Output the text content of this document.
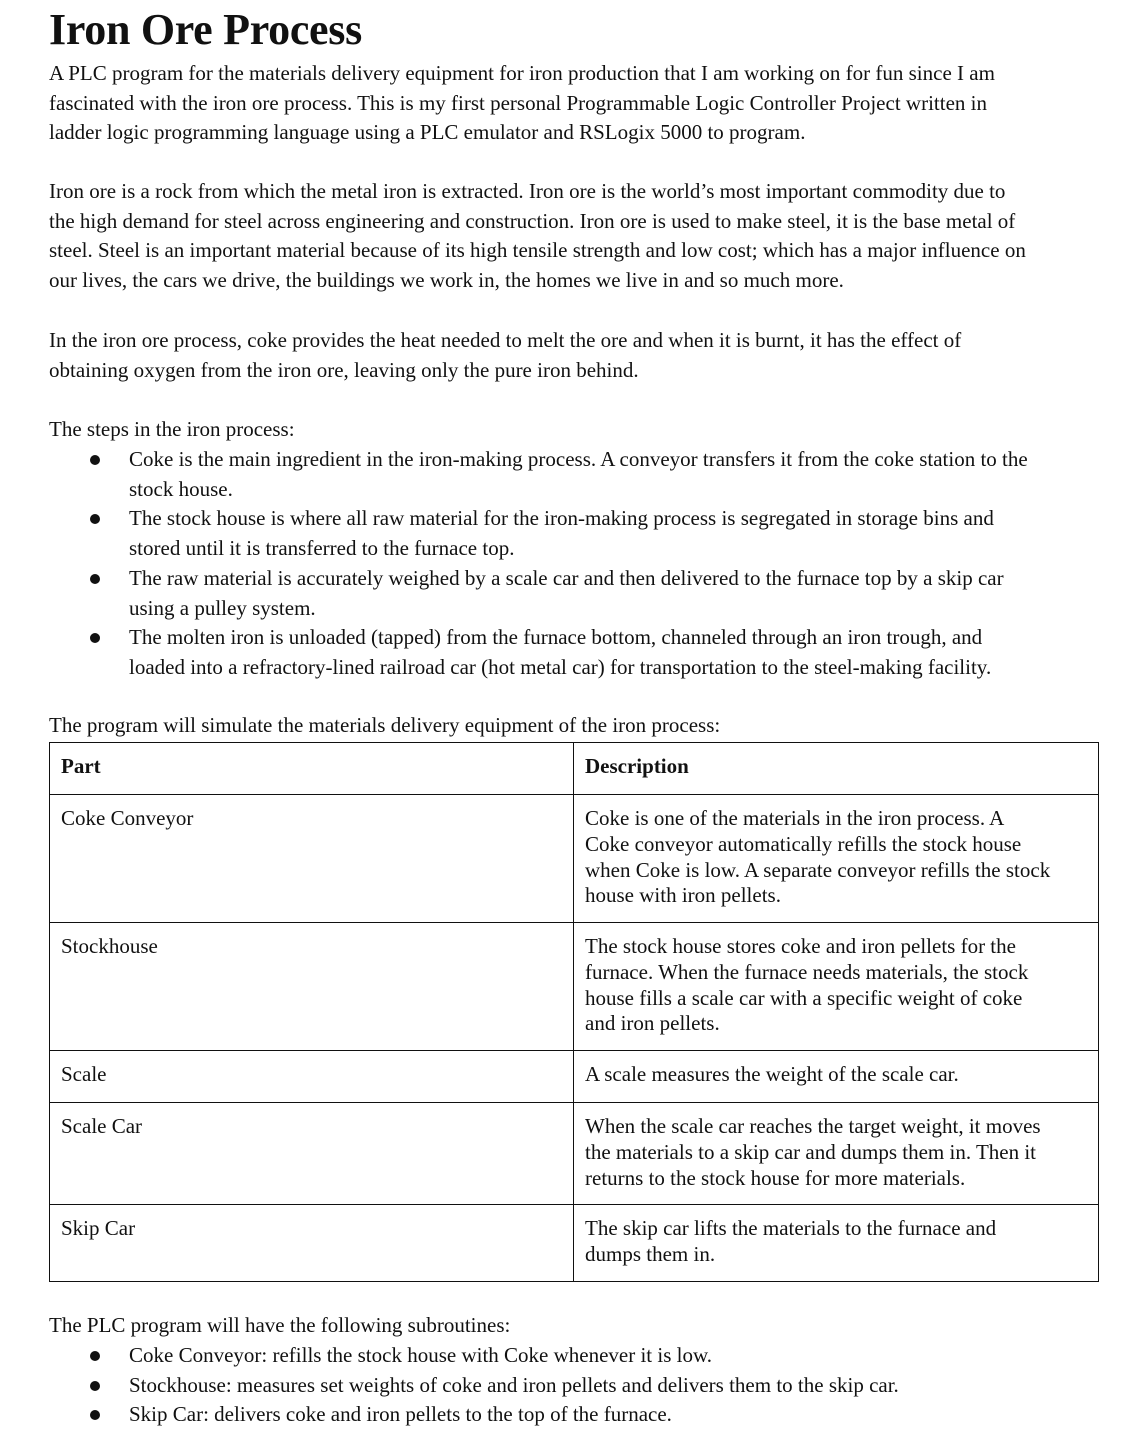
Iron Ore Process

A PLC program for the materials delivery equipment for iron production that I am working on for fun since I am
fascinated with the iron ore process. This is my first personal Programmable Logic Controller Project written in
ladder logic programming language using a PLC emulator and RSLogix 5000 to program.

Iron ore is a rock from which the metal iron is extracted. Iron ore is the world’s most important commodity due to
the high demand for steel across engineering and construction. Iron ore is used to make steel, it is the base metal of
steel. Steel is an important material because of its high tensile strength and low cost; which has a major influence on
our lives, the cars we drive, the buildings we work in, the homes we live in and so much more.

In the iron ore process, coke provides the heat needed to melt the ore and when it is burnt, it has the effect of
obtaining oxygen from the iron ore, leaving only the pure iron behind.

The steps in the iron process:

Coke is the main ingredient in the iron-making process. A conveyor transfers it from the coke station to the
stock house.
The stock house is where all raw material for the iron-making process is segregated in storage bins and
stored until it is transferred to the furnace top.
The raw material is accurately weighed by a scale car and then delivered to the furnace top by a skip car
using a pulley system.
The molten iron is unloaded (tapped) from the furnace bottom, channeled through an iron trough, and
loaded into a refractory-lined railroad car (hot metal car) for transportation to the steel-making facility.

The program will simulate the materials delivery equipment of the iron process:

Part	Description
Coke Conveyor	Coke is one of the materials in the iron process. A
Coke conveyor automatically refills the stock house
when Coke is low. A separate conveyor refills the stock
house with iron pellets.

Stockhouse	The stock house stores coke and iron pellets for the
furnace. When the furnace needs materials, the stock
house fills a scale car with a specific weight of coke
and iron pellets.

Scale	A scale measures the weight of the scale car.

Scale Car	When the scale car reaches the target weight, it moves
the materials to a skip car and dumps them in. Then it
returns to the stock house for more materials.

Skip Car	The skip car lifts the materials to the furnace and
dumps them in.

The PLC program will have the following subroutines:

Coke Conveyor: refills the stock house with Coke whenever it is low.
Stockhouse: measures set weights of coke and iron pellets and delivers them to the skip car.
Skip Car: delivers coke and iron pellets to the top of the furnace.
